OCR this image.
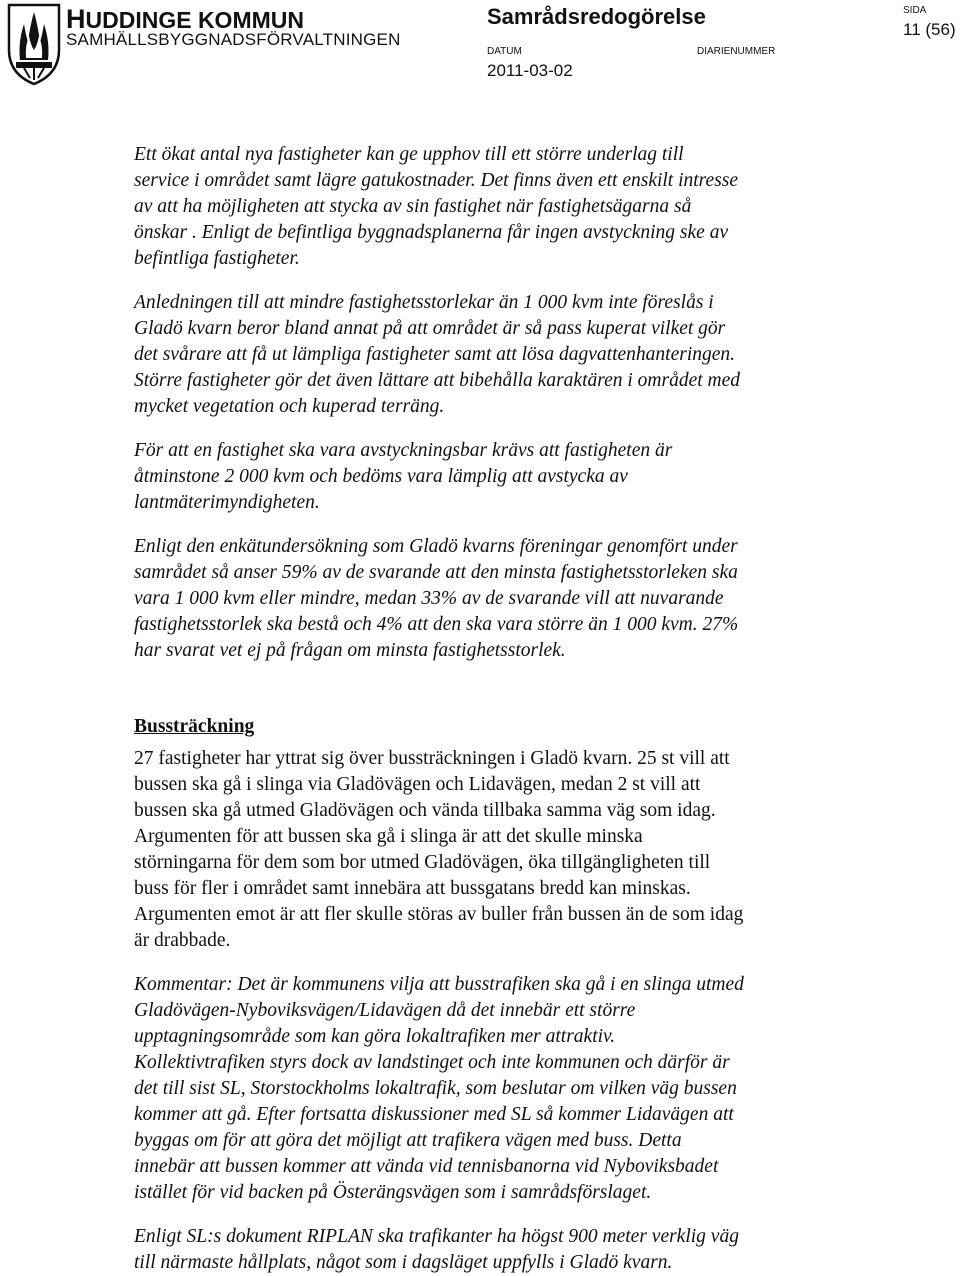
HUDDINGE KOMMUN
SAMHÄLLSBYGGNADSFÖRVALTNINGEN
Samrådsredogörelse	SIDA
11 (56)
DATUM	DIARIENUMMER
2011-03-02

Ett ökat antal nya fastigheter kan ge upphov till ett större underlag till
service i området samt lägre gatukostnader. Det finns även ett enskilt intresse
av att ha möjligheten att stycka av sin fastighet när fastighetsägarna så
önskar . Enligt de befintliga byggnadsplanerna får ingen avstyckning ske av
befintliga fastigheter.

Anledningen till att mindre fastighetsstorlekar än 1 000 kvm inte föreslås i
Gladö kvarn beror bland annat på att området är så pass kuperat vilket gör
det svårare att få ut lämpliga fastigheter samt att lösa dagvattenhanteringen.
Större fastigheter gör det även lättare att bibehålla karaktären i området med
mycket vegetation och kuperad terräng.

För att en fastighet ska vara avstyckningsbar krävs att fastigheten är
åtminstone 2 000 kvm och bedöms vara lämplig att avstycka av
lantmäterimyndigheten.

Enligt den enkätundersökning som Gladö kvarns föreningar genomfört under
samrådet så anser 59% av de svarande att den minsta fastighetsstorleken ska
vara 1 000 kvm eller mindre, medan 33% av de svarande vill att nuvarande
fastighetsstorlek ska bestå och 4% att den ska vara större än 1 000 kvm. 27%
har svarat vet ej på frågan om minsta fastighetsstorlek.

Bussträckning

27 fastigheter har yttrat sig över bussträckningen i Gladö kvarn. 25 st vill att
bussen ska gå i slinga via Gladövägen och Lidavägen, medan 2 st vill att
bussen ska gå utmed Gladövägen och vända tillbaka samma väg som idag.
Argumenten för att bussen ska gå i slinga är att det skulle minska
störningarna för dem som bor utmed Gladövägen, öka tillgängligheten till
buss för fler i området samt innebära att bussgatans bredd kan minskas.
Argumenten emot är att fler skulle störas av buller från bussen än de som idag
är drabbade.

Kommentar: Det är kommunens vilja att busstrafiken ska gå i en slinga utmed
Gladövägen-Nyboviksvägen/Lidavägen då det innebär ett större
upptagningsområde som kan göra lokaltrafiken mer attraktiv.
Kollektivtrafiken styrs dock av landstinget och inte kommunen och därför är
det till sist SL, Storstockholms lokaltrafik, som beslutar om vilken väg bussen
kommer att gå. Efter fortsatta diskussioner med SL så kommer Lidavägen att
byggas om för att göra det möjligt att trafikera vägen med buss. Detta
innebär att bussen kommer att vända vid tennisbanorna vid Nyboviksbadet
istället för vid backen på Österängsvägen som i samrådsförslaget.

Enligt SL:s dokument RIPLAN ska trafikanter ha högst 900 meter verklig väg
till närmaste hållplats, något som i dagsläget uppfylls i Gladö kvarn.
